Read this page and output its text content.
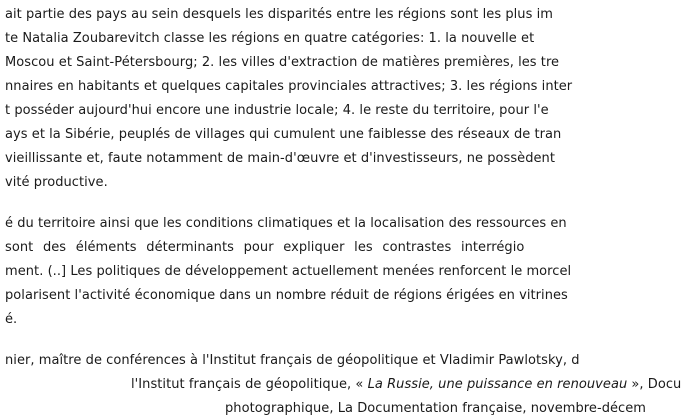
ait partie des pays au sein desquels les disparités entre les régions sont les plus im
te Natalia Zoubarevitch classe les régions en quatre catégories: 1. la nouvelle et
Moscou et Saint-Pétersbourg; 2. les villes d'extraction de matières premières, les tre
nnaires en habitants et quelques capitales provinciales attractives; 3. les régions inter
t posséder aujourd'hui encore une industrie locale; 4. le reste du territoire, pour l'e
ays et la Sibérie, peuplés de villages qui cumulent une faiblesse des réseaux de tran
vieillissante et, faute notamment de main-d'œuvre et d'investisseurs, ne possèdent
vité productive.
é du territoire ainsi que les conditions climatiques et la localisation des ressources en
sont des éléments déterminants pour expliquer les contrastes interrégio
ment. (..] Les politiques de développement actuellement menées renforcent le morcel
polarisent l'activité économique dans un nombre réduit de régions érigées en vitrines
é.
nier, maître de conférences à l'Institut français de géopolitique et Vladimir Pawlotsky, d
l'Institut français de géopolitique, « La Russie, une puissance en renouveau », Docu
photographique, La Documentation française, novembre-décem
